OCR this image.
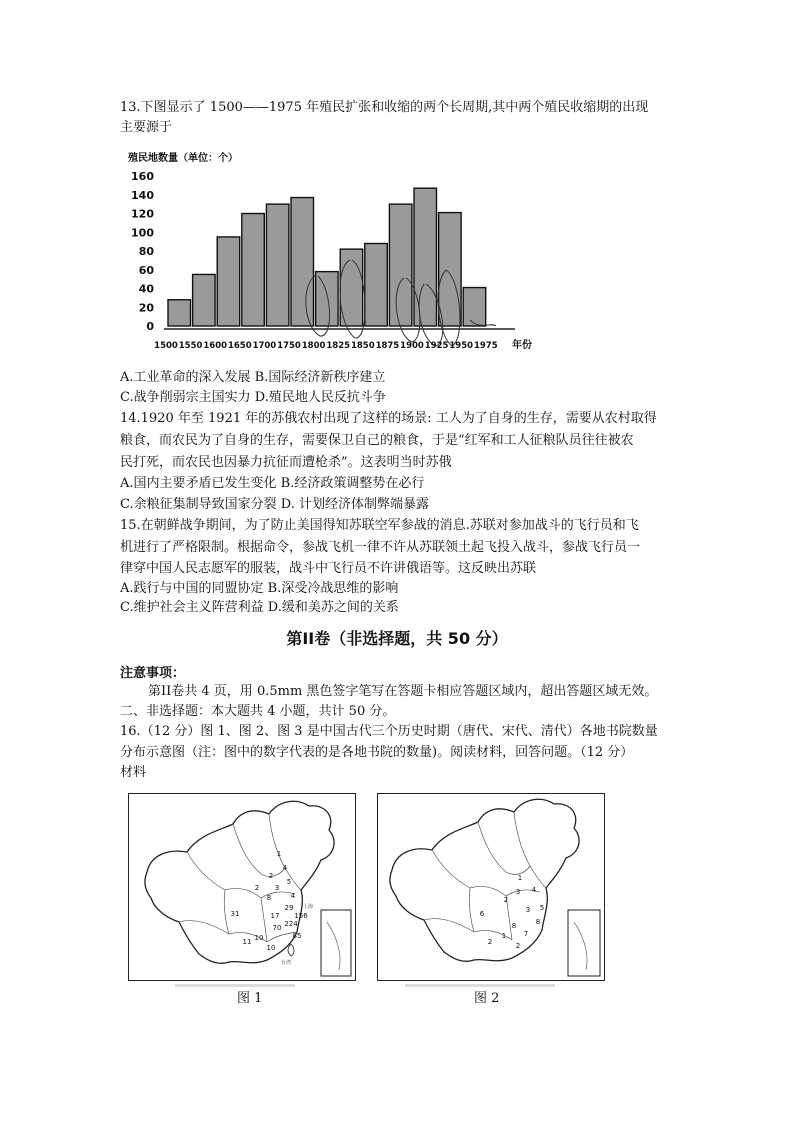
13.下图显示了 1500——1975 年殖民扩张和收缩的两个长周期,其中两个殖民收缩期的出现
主要源于
殖民地数量（单位：个）
0
20
40
60
80
100
120
140
160
1500 1550 1600 1650 1700 1750 1800 1825 1850 1875 1900 1925 1950 1975 年份
A.工业革命的深入发展 B.国际经济新秩序建立
C.战争削弱宗主国实力 D.殖民地人民反抗斗争
14.1920 年至 1921 年的苏俄农村出现了这样的场景: 工人为了自身的生存，需要从农村取得
粮食，而农民为了自身的生存，需要保卫自己的粮食，于是“红军和工人征粮队员往往被农
民打死，而农民也因暴力抗征而遭枪杀”。这表明当时苏俄
A.国内主要矛盾已发生变化 B.经济政策调整势在必行
C.余粮征集制导致国家分裂 D. 计划经济体制弊端暴露
15.在朝鲜战争期间，为了防止美国得知苏联空军参战的消息.苏联对参加战斗的飞行员和飞
机进行了严格限制。根据命令，参战飞机一律不许从苏联领土起飞投入战斗，参战飞行员一
律穿中国人民志愿军的服装，战斗中飞行员不许讲俄语等。这反映出苏联
A.践行与中国的同盟协定 B.深受冷战思维的影响
C.维护社会主义阵营利益 D.缓和美苏之间的关系
第II卷（非选择题，共 50 分）
注意事项：
第II卷共 4 页，用 0.5mm 黑色签字笔写在答题卡相应答题区域内，超出答题区域无效。
二、非选择题：本大题共 4 小题，共计 50 分。
16.（12 分）图 1、图 2、图 3 是中国古代三个历史时期（唐代、宋代、清代）各地书院数量
分布示意图（注：图中的数字代表的是各地书院的数量)。阅读材料，回答问题。（12 分）
材料
1
4
2
5
3
2
4
8
31
29
156
17
70 224
85
10
11
10
上海
台湾
6
1
4
3
2
5
3
8
8
1	7
2	2
图 1	图 2
